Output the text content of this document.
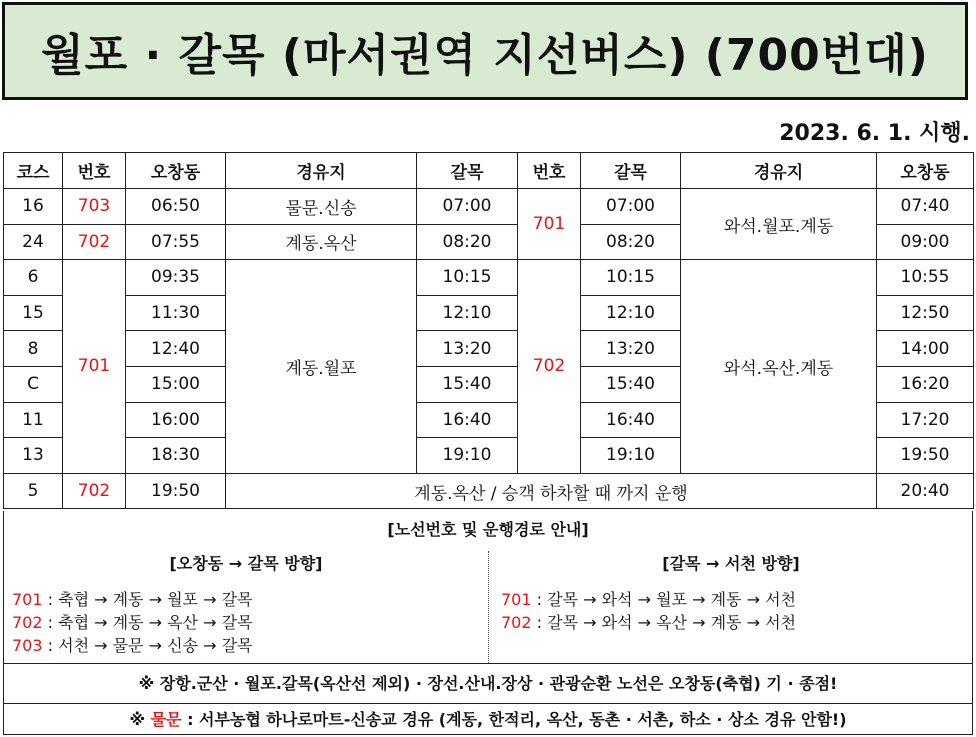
월포 · 갈목 (마서권역 지선버스) (700번대)
2023. 6. 1. 시행.
코스	번호	오창동	경유지	갈목	번호	갈목	경유지	오창동
16	703	06:50	물문.신송	07:00	701	07:00	와석.월포.계동	07:40
24	702	07:55	계동.옥산	08:20		08:20		09:00
6	701	09:35	계동.월포	10:15	702	10:15	와석.옥산.계동	10:55
15		11:30		12:10		12:10		12:50
8		12:40		13:20		13:20		14:00
C		15:00		15:40		15:40		16:20
11		16:00		16:40		16:40		17:20
13		18:30		19:10		19:10		19:50
5	702	19:50	계동.옥산 / 승객 하차할 때 까지 운행					20:40
[노선번호 및 운행경로 안내]
[오창동 → 갈목 방향]
701 : 축협 → 계동 → 월포 → 갈목
702 : 축협 → 계동 → 옥산 → 갈목
703 : 서천 → 물문 → 신송 → 갈목
[갈목 → 서천 방향]
701 : 갈목 → 와석 → 월포 → 계동 → 서천
702 : 갈목 → 와석 → 옥산 → 계동 → 서천
※ 장항.군산 · 월포.갈목(옥산선 제외) · 장선.산내.장상 · 관광순환 노선은 오창동(축협) 기 · 종점!
※ 물문 : 서부농협 하나로마트-신송교 경유 (계동, 한적리, 옥산, 동촌 · 서촌, 하소 · 상소 경유 안함!)
